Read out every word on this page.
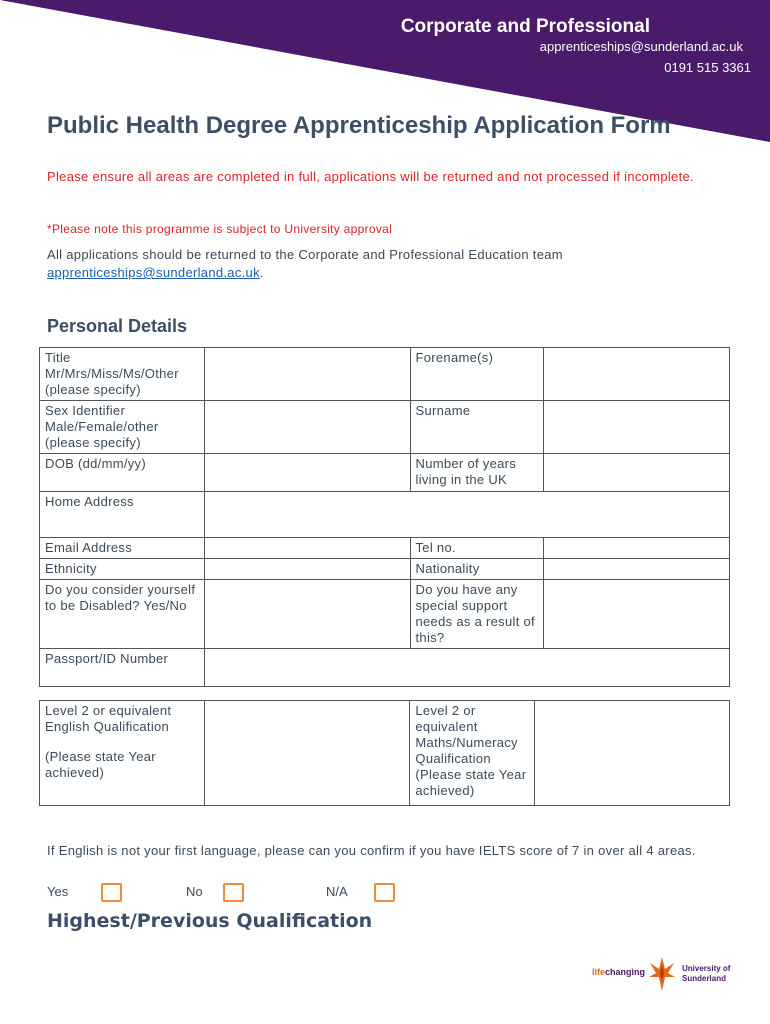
Corporate and Professional
apprenticeships@sunderland.ac.uk
0191 515 3361
Public Health Degree Apprenticeship Application Form
Please ensure all areas are completed in full, applications will be returned and not processed if incomplete.
*Please note this programme is subject to University approval
All applications should be returned to the Corporate and Professional Education team apprenticeships@sunderland.ac.uk.
Personal Details
Title
Mr/Mrs/Miss/Ms/Other
(please specify)		Forename(s)	

Sex Identifier
Male/Female/other
(please specify)		Surname	
DOB (dd/mm/yy)		Number of years living in the UK	
Home Address			
Email Address		Tel no.	
Ethnicity		Nationality	
Do you consider yourself to be Disabled? Yes/No		Do you have any special support needs as a result of this?	
Passport/ID Number			
Level 2 or equivalent English Qualification
(Please state Year achieved)
		Level 2 or equivalent Maths/Numeracy Qualification (Please state Year achieved)	
If English is not your first language, please can you confirm if you have IELTS score of 7 in over all 4 areas.
Yes	No	N/A
Highest/Previous Qualification
lifechanging	University of
Sunderland
